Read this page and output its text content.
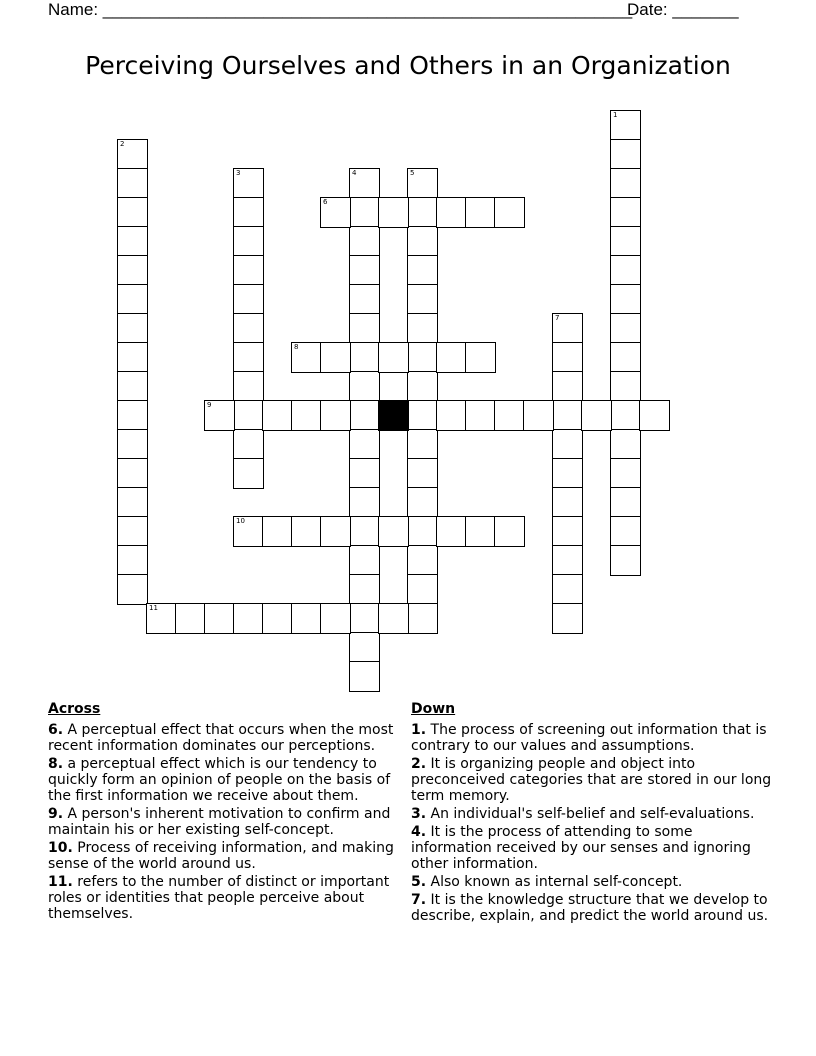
Name: ________________________________________________________
Date: _______
Perceiving Ourselves and Others in an Organization
1
2
3	4	5
6
7
8
9
10
11
Across
6. A perceptual effect that occurs when the most recent information dominates our perceptions.
8. a perceptual effect which is our tendency to quickly form an opinion of people on the basis of the first information we receive about them.
9. A person's inherent motivation to confirm and maintain his or her existing self-concept.
10. Process of receiving information, and making sense of the world around us.
11. refers to the number of distinct or important roles or identities that people perceive about themselves.
Down
1. The process of screening out information that is contrary to our values and assumptions.
2. It is organizing people and object into preconceived categories that are stored in our long term memory.
3. An individual's self-belief and self-evaluations.
4. It is the process of attending to some information received by our senses and ignoring other information.
5. Also known as internal self-concept.
7. It is the knowledge structure that we develop to describe, explain, and predict the world around us.
